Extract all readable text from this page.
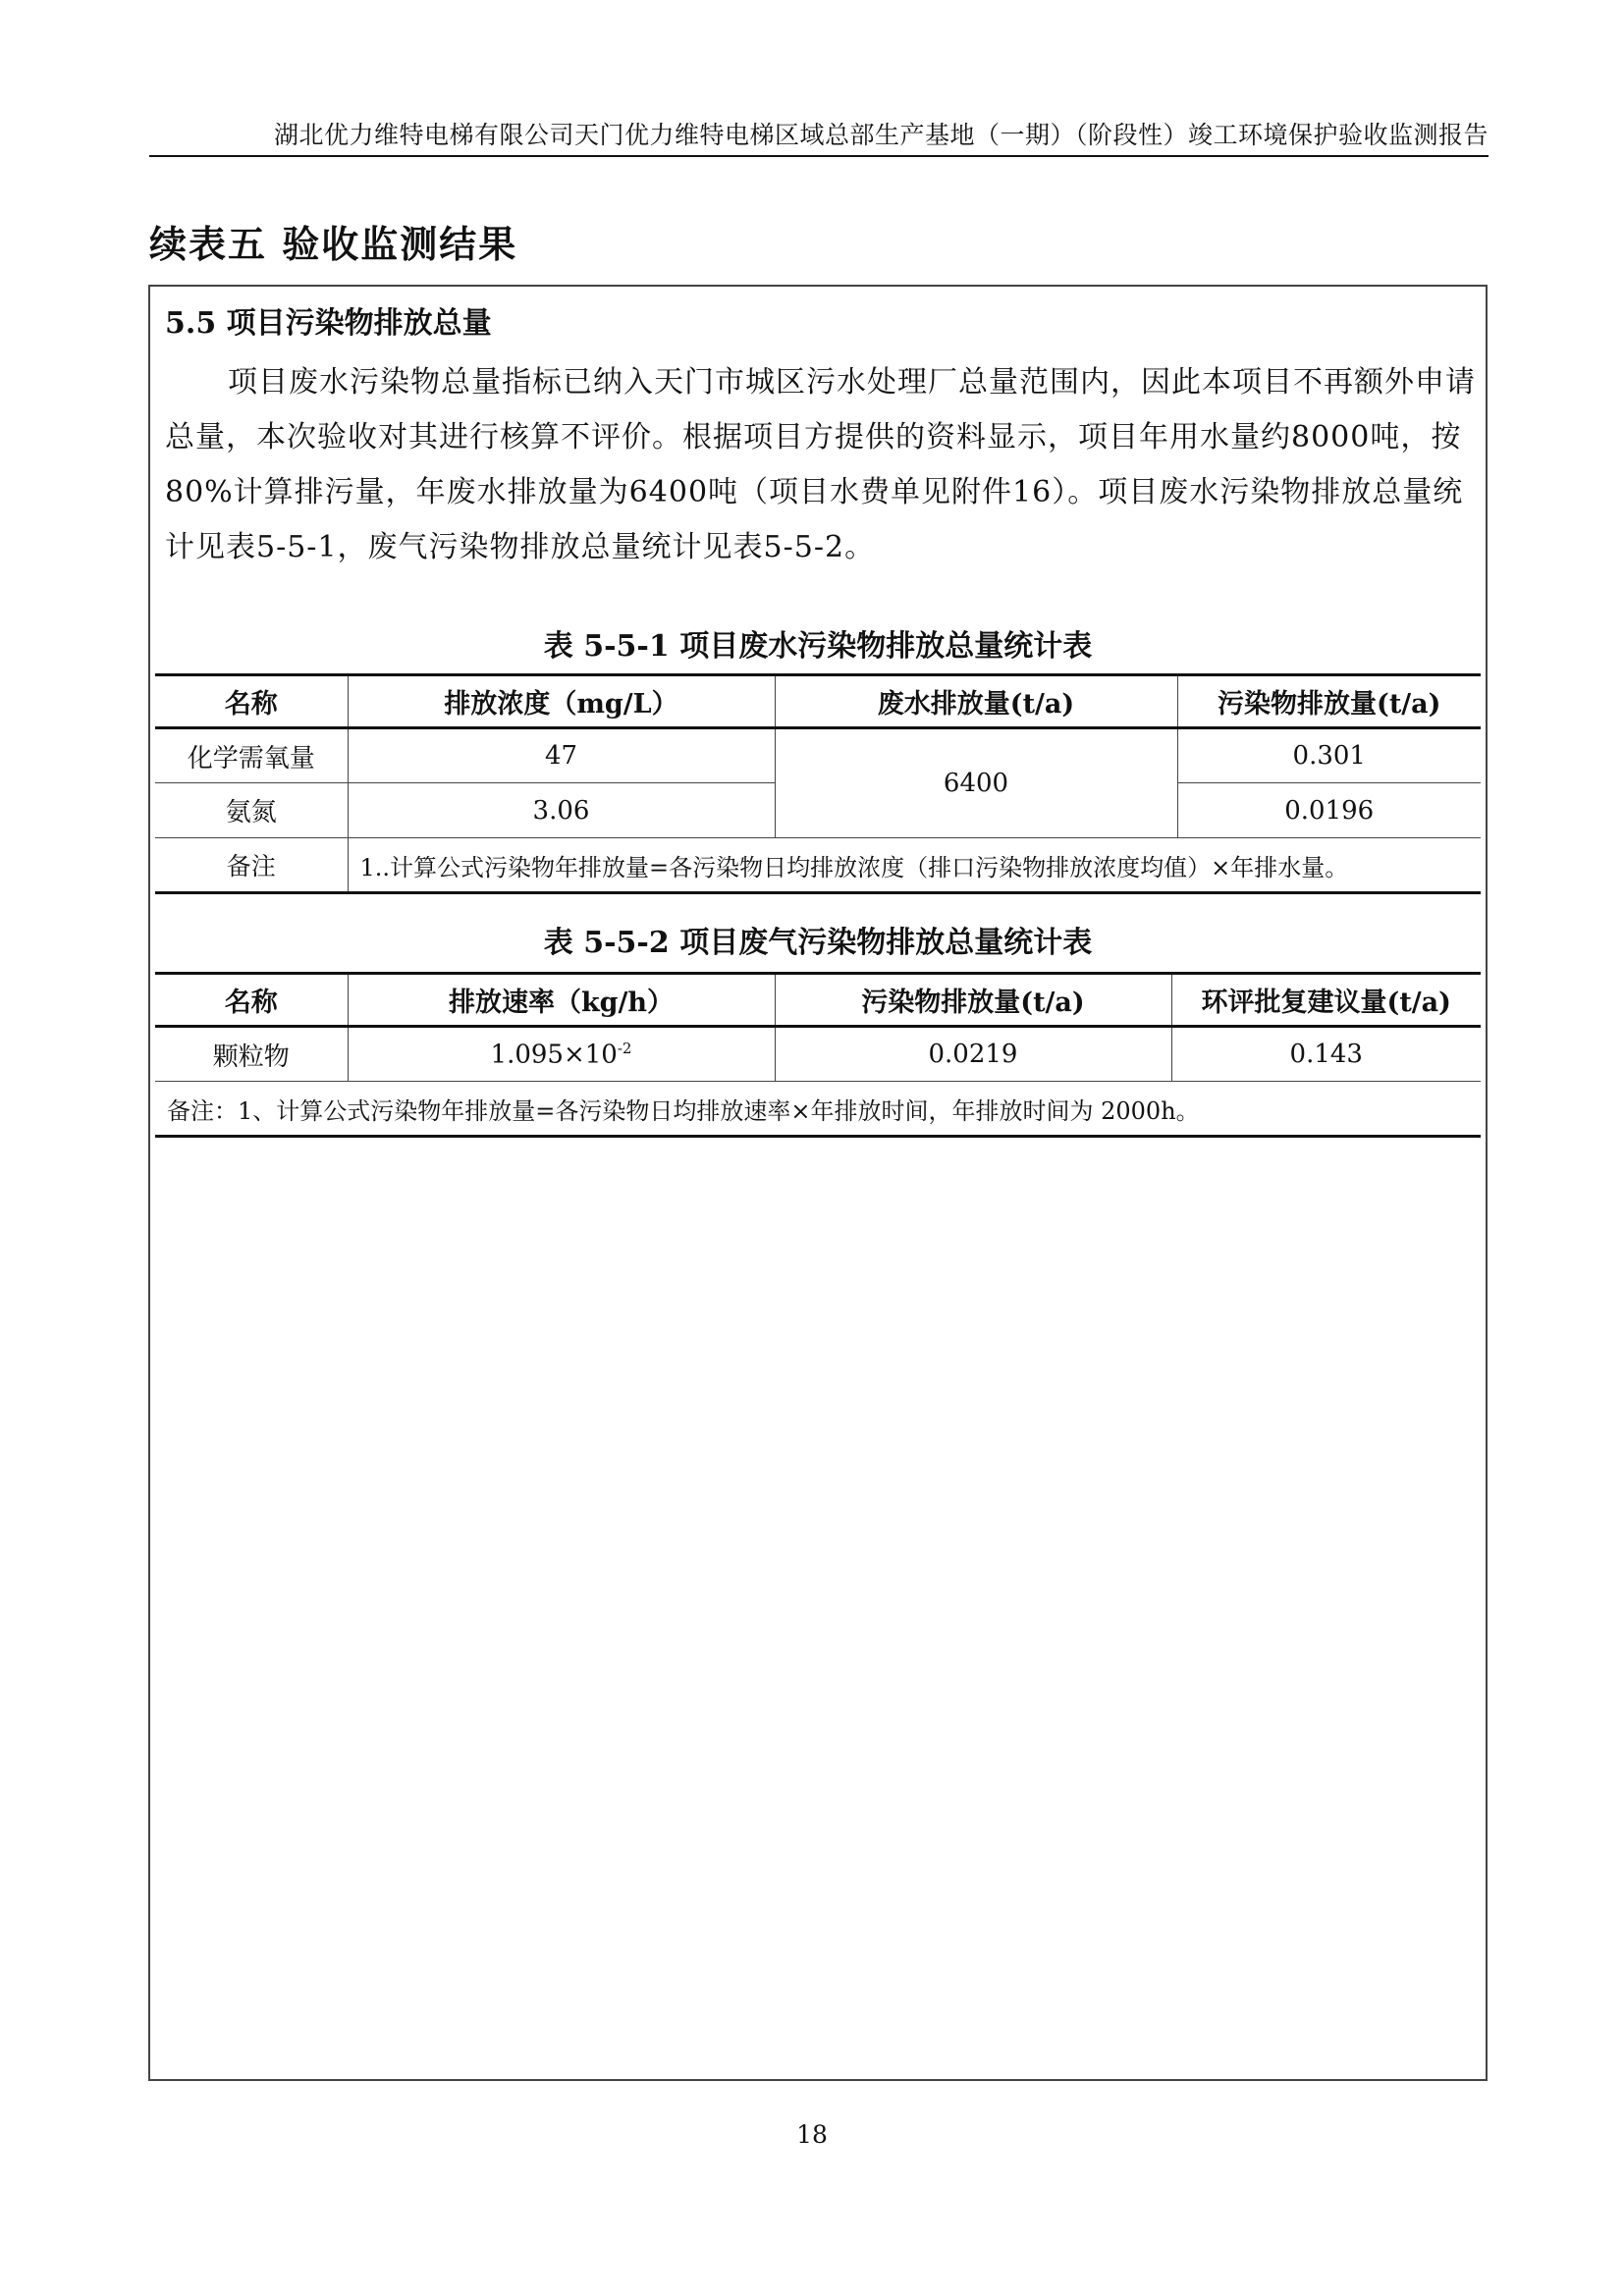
湖北优力维特电梯有限公司天门优力维特电梯区域总部生产基地（一期）（阶段性）竣工环境保护验收监测报告
续表五 验收监测结果
5.5 项目污染物排放总量
项目废水污染物总量指标已纳入天门市城区污水处理厂总量范围内，因此本项目不再额外申请总量，本次验收对其进行核算不评价。根据项目方提供的资料显示，项目年用水量约8000吨，按80%计算排污量，年废水排放量为6400吨（项目水费单见附件16）。项目废水污染物排放总量统计见表5-5-1，废气污染物排放总量统计见表5-5-2。
表 5-5-1 项目废水污染物排放总量统计表
名称	排放浓度（mg/L）	废水排放量(t/a)	污染物排放量(t/a)
化学需氧量	47	6400	0.301
氨氮	3.06		0.0196
备注	1..计算公式污染物年排放量=各污染物日均排放浓度（排口污染物排放浓度均值）×年排水量。		
表 5-5-2 项目废气污染物排放总量统计表
名称	排放速率（kg/h）	污染物排放量(t/a)	环评批复建议量(t/a)
颗粒物	$1.095\times 10^{-2}$	0.0219	0.143
备注：1、计算公式污染物年排放量=各污染物日均排放速率×年排放时间，年排放时间为 2000h。			
18
